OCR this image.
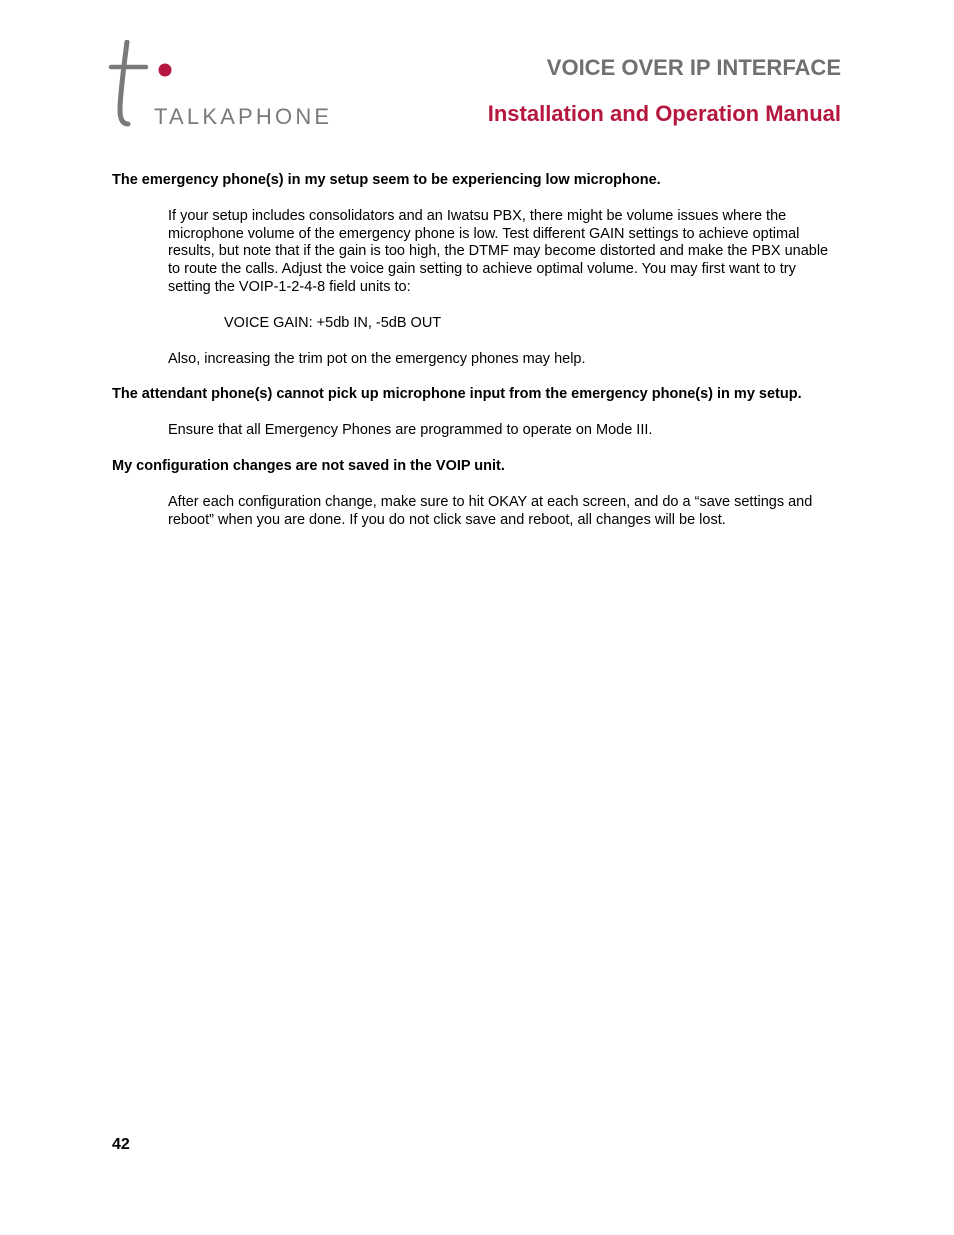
TALKAPHONE
VOICE OVER IP INTERFACE
Installation and Operation Manual

The emergency phone(s) in my setup seem to be experiencing low microphone.

If your setup includes consolidators and an Iwatsu PBX, there might be volume issues where the microphone volume of the emergency phone is low. Test different GAIN settings to achieve optimal results, but note that if the gain is too high, the DTMF may become distorted and make the PBX unable to route the calls. Adjust the voice gain setting to achieve optimal volume. You may first want to try setting the VOIP-1-2-4-8 field units to:

VOICE GAIN: +5db IN, -5dB OUT

Also, increasing the trim pot on the emergency phones may help.

The attendant phone(s) cannot pick up microphone input from the emergency phone(s) in my setup.

Ensure that all Emergency Phones are programmed to operate on Mode III.

My configuration changes are not saved in the VOIP unit.

After each configuration change, make sure to hit OKAY at each screen, and do a “save settings and reboot” when you are done. If you do not click save and reboot, all changes will be lost.

42
